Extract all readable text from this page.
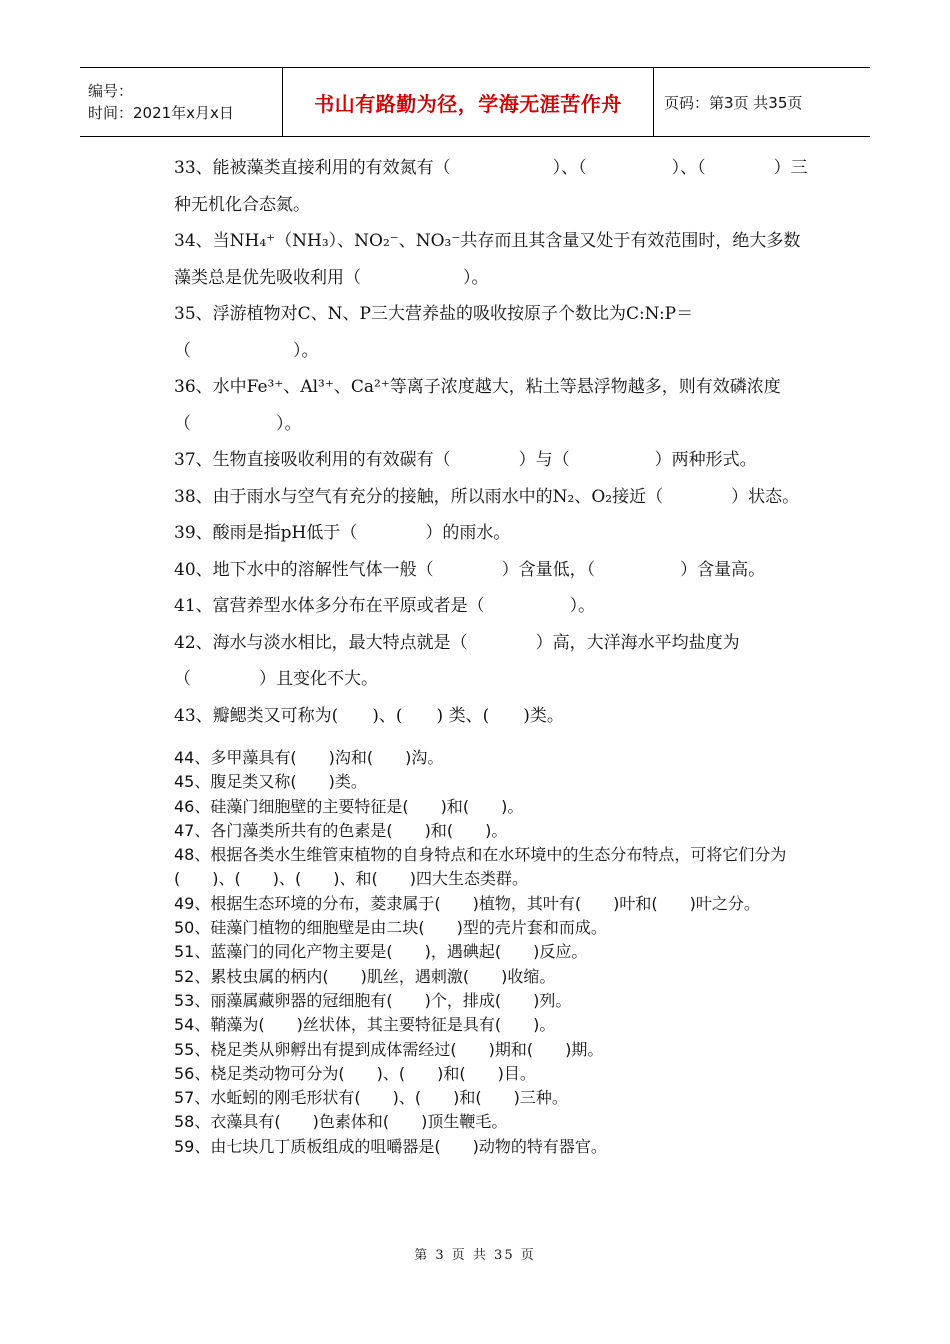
编号：
时间：2021年x月x日	书山有路勤为径，学海无涯苦作舟	页码：第3页 共35页
33、能被藻类直接利用的有效氮有（　　　　　　）、（　　　　　）、（　　　　）三种无机化合态氮。
34、当NH₄⁺（NH₃）、NO₂⁻、NO₃⁻共存而且其含量又处于有效范围时，绝大多数藻类总是优先吸收利用（　　　　　　）。
35、浮游植物对C、N、P三大营养盐的吸收按原子个数比为C:N:P＝（　　　　　　）。
36、水中Fe³⁺、Al³⁺、Ca²⁺等离子浓度越大，粘土等悬浮物越多，则有效磷浓度（　　　　　）。
37、生物直接吸收利用的有效碳有（　　　　）与（　　　　　）两种形式。
38、由于雨水与空气有充分的接触，所以雨水中的N₂、O₂接近（　　　　）状态。
39、酸雨是指pH低于（　　　　）的雨水。
40、地下水中的溶解性气体一般（　　　　）含量低，（　　　　　）含量高。
41、富营养型水体多分布在平原或者是（　　　　　）。
42、海水与淡水相比，最大特点就是（　　　　）高，大洋海水平均盐度为（　　　　）且变化不大。
43、瓣鳃类又可称为(　　)、(　　) 类、(　　)类。
44、多甲藻具有(　　)沟和(　　)沟。
45、腹足类又称(　　)类。
46、硅藻门细胞壁的主要特征是(　　)和(　　)。
47、各门藻类所共有的色素是(　　)和(　　)。
48、根据各类水生维管束植物的自身特点和在水环境中的生态分布特点，可将它们分为(　　)、(　　)、(　　)、和(　　)四大生态类群。
49、根据生态环境的分布，菱隶属于(　　)植物，其叶有(　　)叶和(　　)叶之分。
50、硅藻门植物的细胞壁是由二块(　　)型的壳片套和而成。
51、蓝藻门的同化产物主要是(　　)，遇碘起(　　)反应。
52、累枝虫属的柄内(　　)肌丝，遇刺激(　　)收缩。
53、丽藻属藏卵器的冠细胞有(　　)个，排成(　　)列。
54、鞘藻为(　　)丝状体，其主要特征是具有(　　)。
55、桡足类从卵孵出有提到成体需经过(　　)期和(　　)期。
56、桡足类动物可分为(　　)、(　　)和(　　)目。
57、水蚯蚓的刚毛形状有(　　)、(　　)和(　　)三种。
58、衣藻具有(　　)色素体和(　　)顶生鞭毛。
59、由七块几丁质板组成的咀嚼器是(　　)动物的特有器官。
第 3 页 共 35 页
